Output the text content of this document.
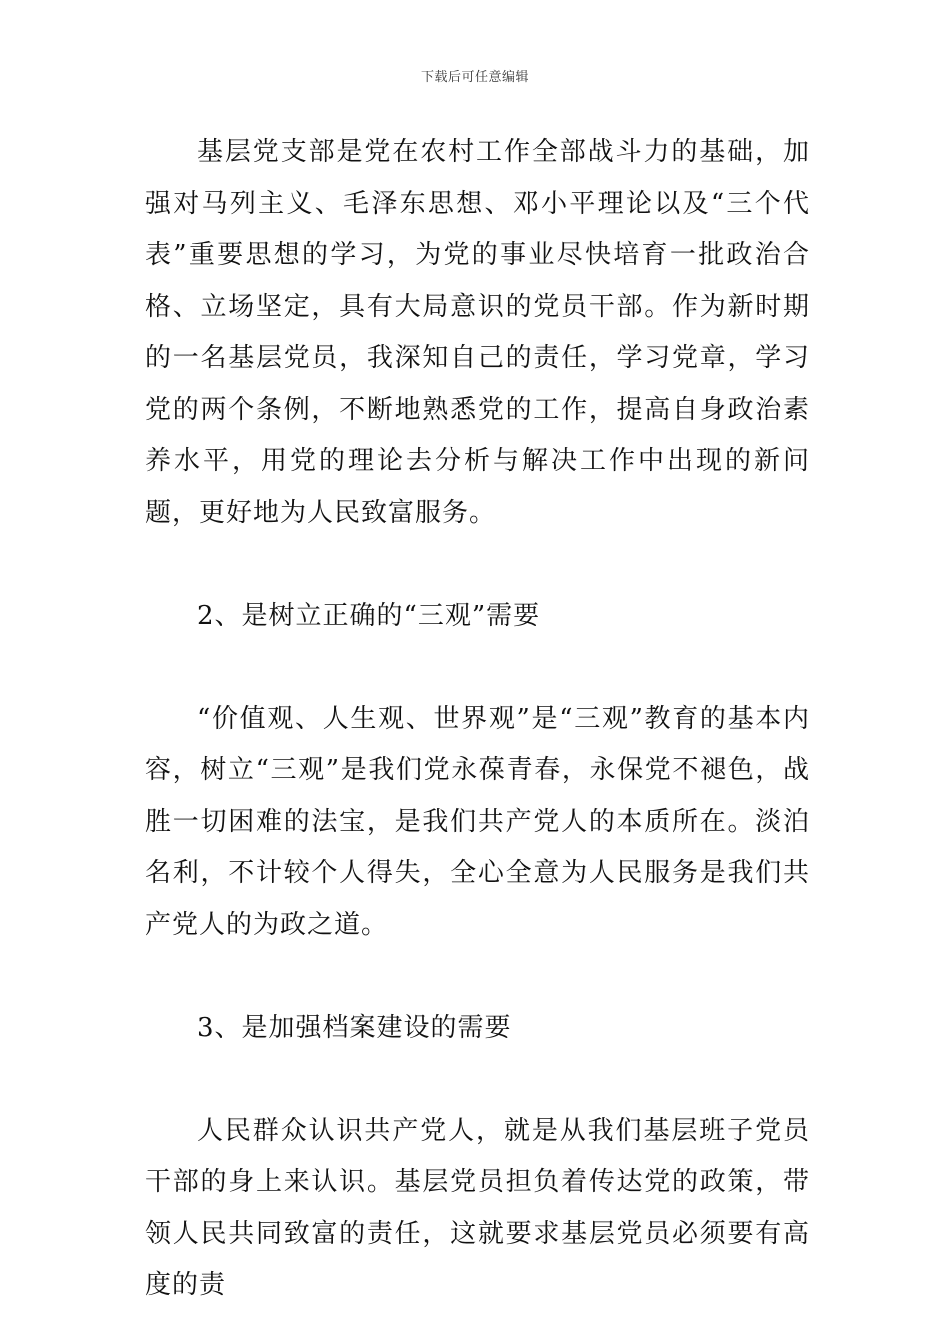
下载后可任意编辑

基层党支部是党在农村工作全部战斗力的基础，加强对马列主义、毛泽东思想、邓小平理论以及“三个代表”重要思想的学习，为党的事业尽快培育一批政治合格、立场坚定，具有大局意识的党员干部。作为新时期的一名基层党员，我深知自己的责任，学习党章，学习党的两个条例，不断地熟悉党的工作，提高自身政治素养水平，用党的理论去分析与解决工作中出现的新问题，更好地为人民致富服务。

2、是树立正确的“三观”需要

“价值观、人生观、世界观”是“三观”教育的基本内容，树立“三观”是我们党永葆青春，永保党不褪色，战胜一切困难的法宝，是我们共产党人的本质所在。淡泊名利，不计较个人得失，全心全意为人民服务是我们共产党人的为政之道。

3、是加强档案建设的需要

人民群众认识共产党人，就是从我们基层班子党员干部的身上来认识。基层党员担负着传达党的政策，带领人民共同致富的责任，这就要求基层党员必须要有高度的责
